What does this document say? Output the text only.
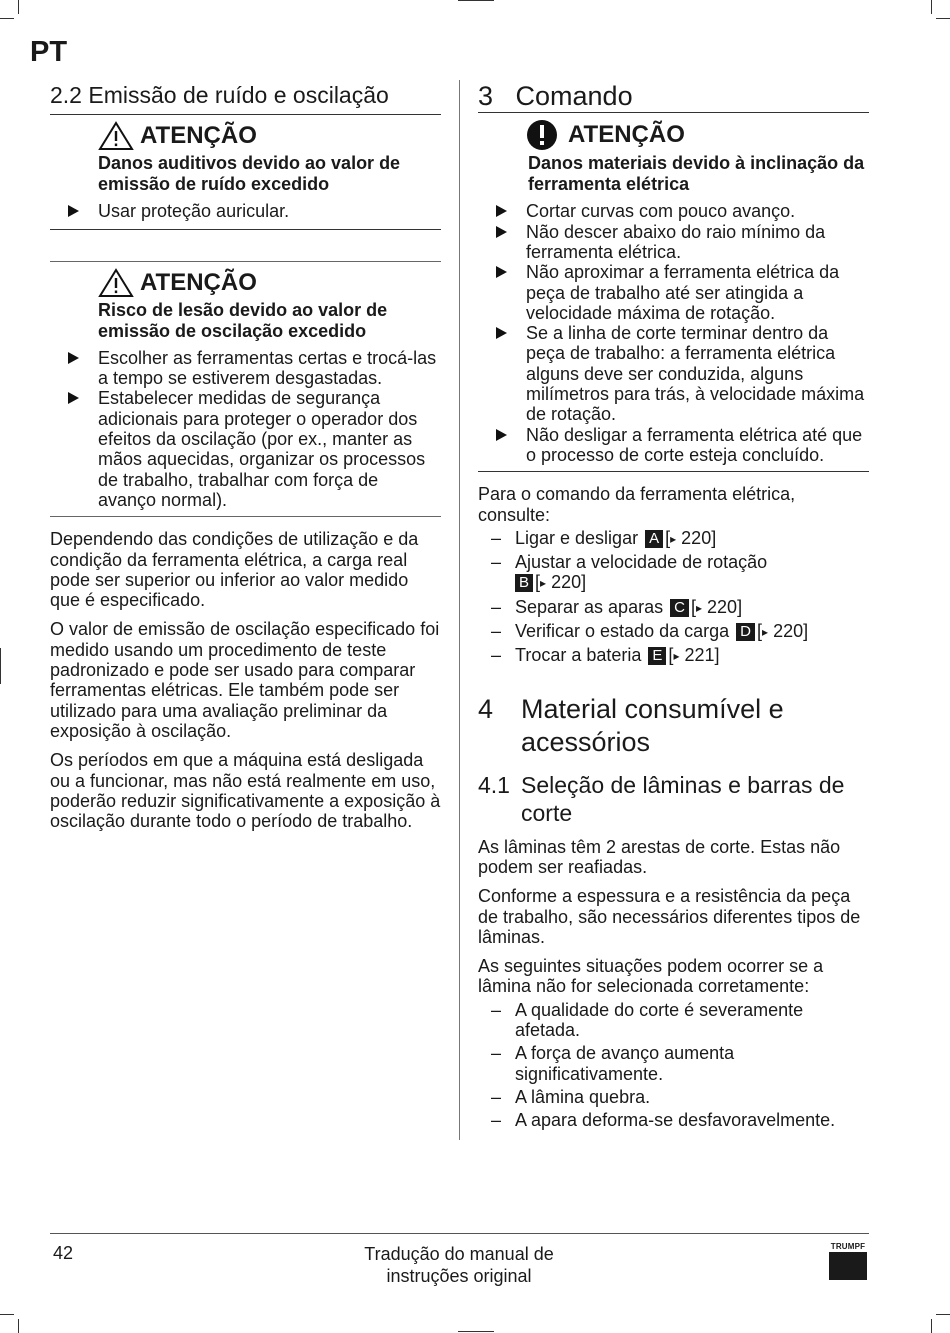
PT
2.2 Emissão de ruído e oscilação
ATENÇÃO
Danos auditivos devido ao valor de emissão de ruído excedido
Usar proteção auricular.
ATENÇÃO
Risco de lesão devido ao valor de emissão de oscilação excedido
Escolher as ferramentas certas e trocá-las a tempo se estiverem desgastadas.
Estabelecer medidas de segurança adicionais para proteger o operador dos efeitos da oscilação (por ex., manter as mãos aquecidas, organizar os processos de trabalho, trabalhar com força de avanço normal).
Dependendo das condições de utilização e da condição da ferramenta elétrica, a carga real pode ser superior ou inferior ao valor medido que é especificado.
O valor de emissão de oscilação especificado foi medido usando um procedimento de teste padronizado e pode ser usado para comparar ferramentas elétricas. Ele também pode ser utilizado para uma avaliação preliminar da exposição à oscilação.
Os períodos em que a máquina está desligada ou a funcionar, mas não está realmente em uso, poderão reduzir significativamente a exposição à oscilação durante todo o período de trabalho.
3   Comando
ATENÇÃO
Danos materiais devido à inclinação da ferramenta elétrica
Cortar curvas com pouco avanço.
Não descer abaixo do raio mínimo da ferramenta elétrica.
Não aproximar a ferramenta elétrica da peça de trabalho até ser atingida a velocidade máxima de rotação.
Se a linha de corte terminar dentro da peça de trabalho: a ferramenta elétrica alguns deve ser conduzida, alguns milímetros para trás, à velocidade máxima de rotação.
Não desligar a ferramenta elétrica até que o processo de corte esteja concluído.
Para o comando da ferramenta elétrica, consulte:
– Ligar e desligar A [▸ 220]
– Ajustar a velocidade de rotação
B [▸ 220]
– Separar as aparas C [▸ 220]
– Verificar o estado da carga D [▸ 220]
– Trocar a bateria E [▸ 221]
4	Material consumível e acessórios
4.1 Seleção de lâminas e barras de corte
As lâminas têm 2 arestas de corte. Estas não podem ser reafiadas.
Conforme a espessura e a resistência da peça de trabalho, são necessários diferentes tipos de lâminas.
As seguintes situações podem ocorrer se a lâmina não for selecionada corretamente:
– A qualidade do corte é severamente afetada.
– A força de avanço aumenta significativamente.
– A lâmina quebra.
– A apara deforma-se desfavoravelmente.
42	Tradução do manual de
instruções original
TRUMPF
